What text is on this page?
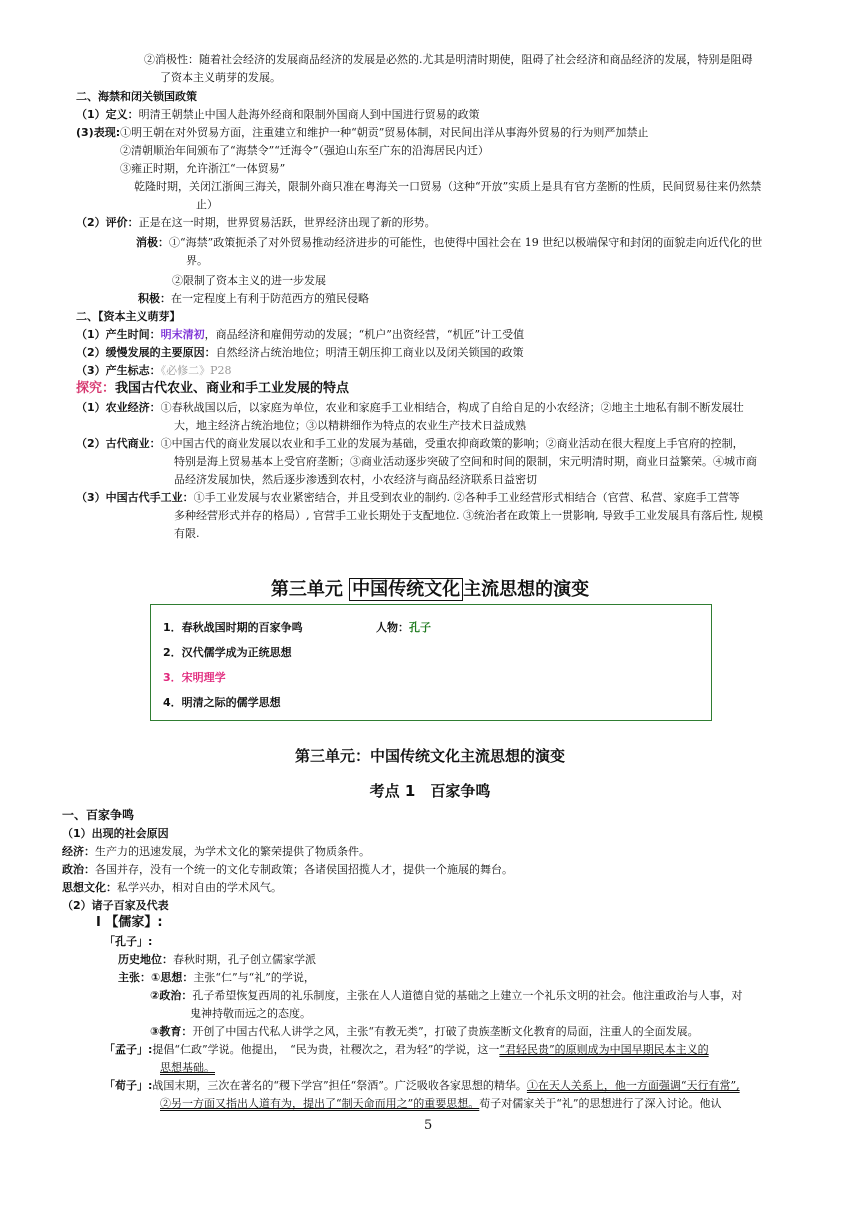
②消极性：随着社会经济的发展商品经济的发展是必然的.尤其是明清时期使，阻碍了社会经济和商品经济的发展，特别是阻碍
了资本主义萌芽的发展。
二、海禁和闭关锁国政策
（1）定义：明清王朝禁止中国人赴海外经商和限制外国商人到中国进行贸易的政策
(3)表现:①明王朝在对外贸易方面，注重建立和维护一种“朝贡”贸易体制，对民间出洋从事海外贸易的行为则严加禁止
②清朝顺治年间颁布了“海禁令”“迁海令”（强迫山东至广东的沿海居民内迁）
③雍正时期，允许浙江“一体贸易”
乾隆时期，关闭江浙闽三海关，限制外商只准在粤海关一口贸易（这种“开放”实质上是具有官方垄断的性质，民间贸易往来仍然禁
止）
（2）评价：正是在这一时期，世界贸易活跃，世界经济出现了新的形势。
消极：①“海禁”政策扼杀了对外贸易推动经济进步的可能性，也使得中国社会在 19 世纪以极端保守和封闭的面貌走向近代化的世
界。
②限制了资本主义的进一步发展
积极：在一定程度上有利于防范西方的殖民侵略
二、【资本主义萌芽】
（1）产生时间：明末清初，商品经济和雇佣劳动的发展；“机户”出资经营，“机匠”计工受值
（2）缓慢发展的主要原因：自然经济占统治地位；明清王朝压抑工商业以及闭关锁国的政策
（3）产生标志：《必修二》P28
探究：我国古代农业、商业和手工业发展的特点
（1）农业经济：①春秋战国以后，以家庭为单位，农业和家庭手工业相结合，构成了自给自足的小农经济；②地主土地私有制不断发展壮
大，地主经济占统治地位；③以精耕细作为特点的农业生产技术日益成熟
（2）古代商业：①中国古代的商业发展以农业和手工业的发展为基础，受重农抑商政策的影响；②商业活动在很大程度上手官府的控制，
特别是海上贸易基本上受官府垄断；③商业活动逐步突破了空间和时间的限制，宋元明清时期，商业日益繁荣。④城市商
品经济发展加快，然后逐步渗透到农村，小农经济与商品经济联系日益密切
（3）中国古代手工业：①手工业发展与农业紧密结合，并且受到农业的制约. ②各种手工业经营形式相结合（官营、私营、家庭手工营等
多种经营形式并存的格局）, 官营手工业长期处于支配地位. ③统治者在政策上一贯影响, 导致手工业发展具有落后性, 规模
有限.
第三单元 中国传统文化 主流思想的演变
1．春秋战国时期的百家争鸣	人物：孔子
2．汉代儒学成为正统思想
3．宋明理学
4．明清之际的儒学思想
第三单元：中国传统文化主流思想的演变
考点 1　百家争鸣
一、百家争鸣
（1）出现的社会原因
经济：生产力的迅速发展，为学术文化的繁荣提供了物质条件。
政治：各国并存，没有一个统一的文化专制政策；各诸侯国招揽人才，提供一个施展的舞台。
思想文化：私学兴办，相对自由的学术风气。
（2）诸子百家及代表
Ⅰ 【儒家】:
「孔子」:
历史地位：春秋时期，孔子创立儒家学派
主张：①思想：主张“仁”与“礼”的学说，
②政治：孔子希望恢复西周的礼乐制度，主张在人人道德自觉的基础之上建立一个礼乐文明的社会。他注重政治与人事，对
鬼神持敬而远之的态度。
③教育：开创了中国古代私人讲学之风，主张“有教无类”，打破了贵族垄断文化教育的局面，注重人的全面发展。
「孟子」:提倡“仁政”学说。他提出，　“民为贵，社稷次之，君为轻”的学说，这一“君轻民贵”的原则成为中国早期民本主义的
思想基础。
「荀子」:战国末期，三次在著名的“稷下学宫”担任“祭酒”。广泛吸收各家思想的精华。①在天人关系上，他一方面强调“天行有常”,
②另一方面又指出人道有为，提出了“制天命而用之”的重要思想。荀子对儒家关于“礼”的思想进行了深入讨论。他认
5
